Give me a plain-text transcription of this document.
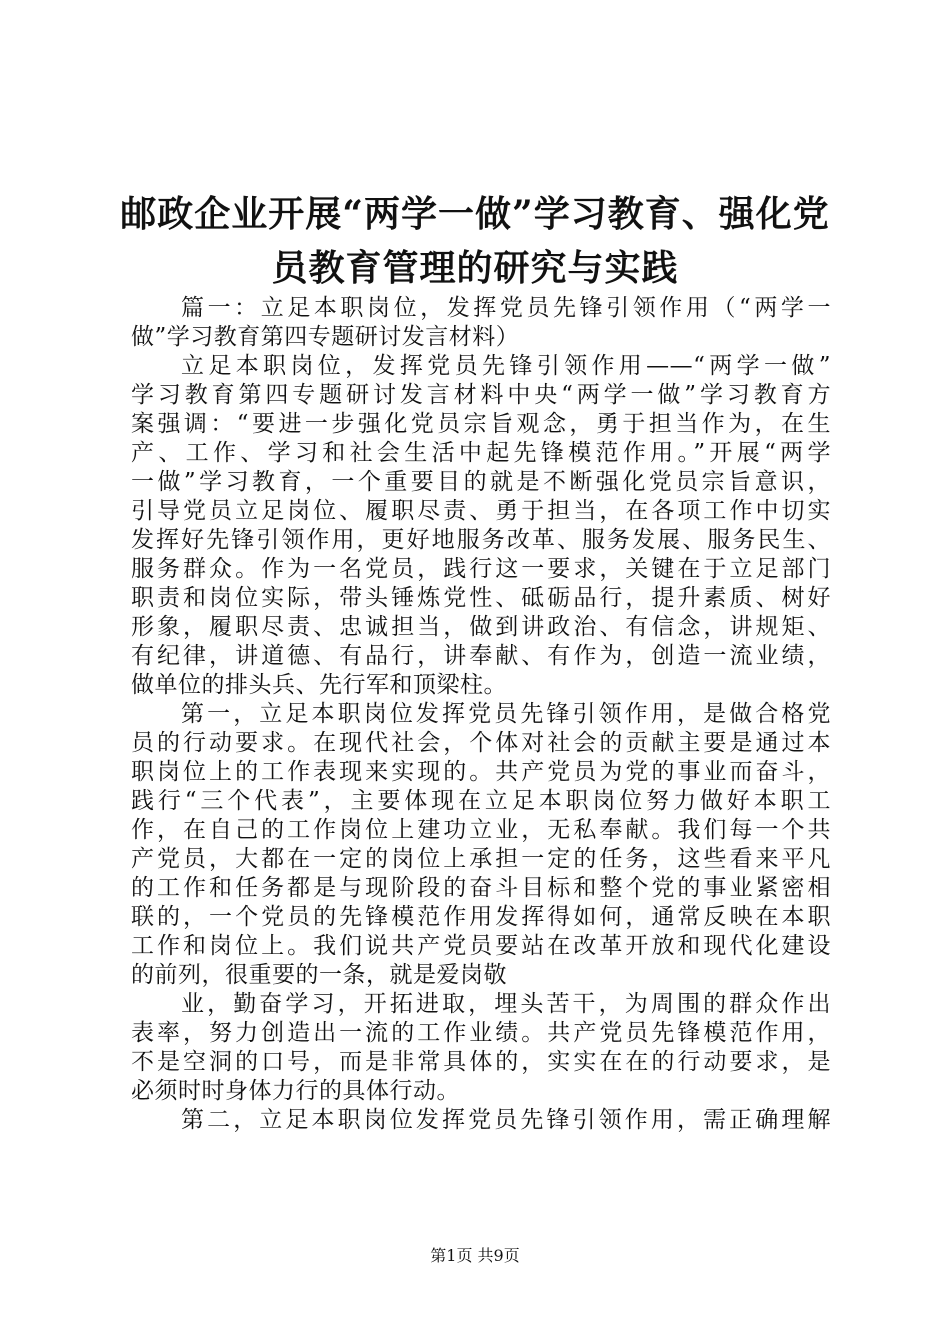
邮政企业开展“两学一做”学习教育、强化党
员教育管理的研究与实践
篇一：立足本职岗位，发挥党员先锋引领作用（“两学一
做”学习教育第四专题研讨发言材料）
立足本职岗位，发挥党员先锋引领作用——“两学一做”
学习教育第四专题研讨发言材料中央“两学一做”学习教育方
案强调：“要进一步强化党员宗旨观念，勇于担当作为，在生
产、工作、学习和社会生活中起先锋模范作用。”开展“两学
一做”学习教育，一个重要目的就是不断强化党员宗旨意识，
引导党员立足岗位、履职尽责、勇于担当，在各项工作中切实
发挥好先锋引领作用，更好地服务改革、服务发展、服务民生、
服务群众。作为一名党员，践行这一要求，关键在于立足部门
职责和岗位实际，带头锤炼党性、砥砺品行，提升素质、树好
形象，履职尽责、忠诚担当，做到讲政治、有信念，讲规矩、
有纪律，讲道德、有品行，讲奉献、有作为，创造一流业绩，
做单位的排头兵、先行军和顶梁柱。
第一，立足本职岗位发挥党员先锋引领作用，是做合格党
员的行动要求。在现代社会，个体对社会的贡献主要是通过本
职岗位上的工作表现来实现的。共产党员为党的事业而奋斗，
践行“三个代表”，主要体现在立足本职岗位努力做好本职工
作，在自己的工作岗位上建功立业，无私奉献。我们每一个共
产党员，大都在一定的岗位上承担一定的任务，这些看来平凡
的工作和任务都是与现阶段的奋斗目标和整个党的事业紧密相
联的，一个党员的先锋模范作用发挥得如何，通常反映在本职
工作和岗位上。我们说共产党员要站在改革开放和现代化建设
的前列，很重要的一条，就是爱岗敬
业，勤奋学习，开拓进取，埋头苦干，为周围的群众作出
表率，努力创造出一流的工作业绩。共产党员先锋模范作用，
不是空洞的口号，而是非常具体的，实实在在的行动要求，是
必须时时身体力行的具体行动。
第二，立足本职岗位发挥党员先锋引领作用，需正确理解
第1页 共9页
